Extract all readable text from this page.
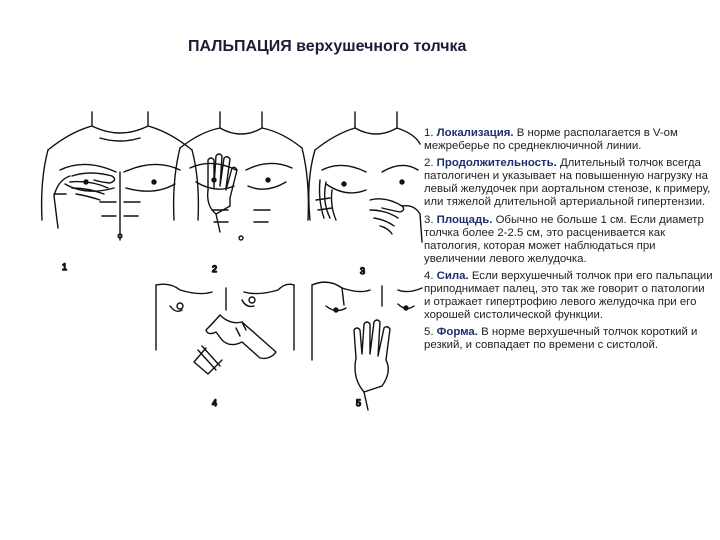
ПАЛЬПАЦИЯ верхушечного толчка
1	2	3
4	5

1. Локализация. В норме располагается в V-ом межреберье по среднеключичной линии.

2. Продолжительность. Длительный толчок всегда патологичен и указывает на повышенную нагрузку на левый желудочек при аортальном стенозе, к примеру, или тяжелой длительной артериальной гипертензии.

3. Площадь. Обычно не больше 1 см. Если диаметр толчка более 2-2.5 см, это расценивается как патология, которая может наблюдаться при увеличении левого желудочка.

4. Сила. Если верхушечный толчок при его пальпации приподнимает палец, это так же говорит о патологии и отражает гипертрофию левого желудочка при его хорошей систолической функции.

5. Форма. В норме верхушечный толчок короткий и резкий, и совпадает по времени с систолой.
